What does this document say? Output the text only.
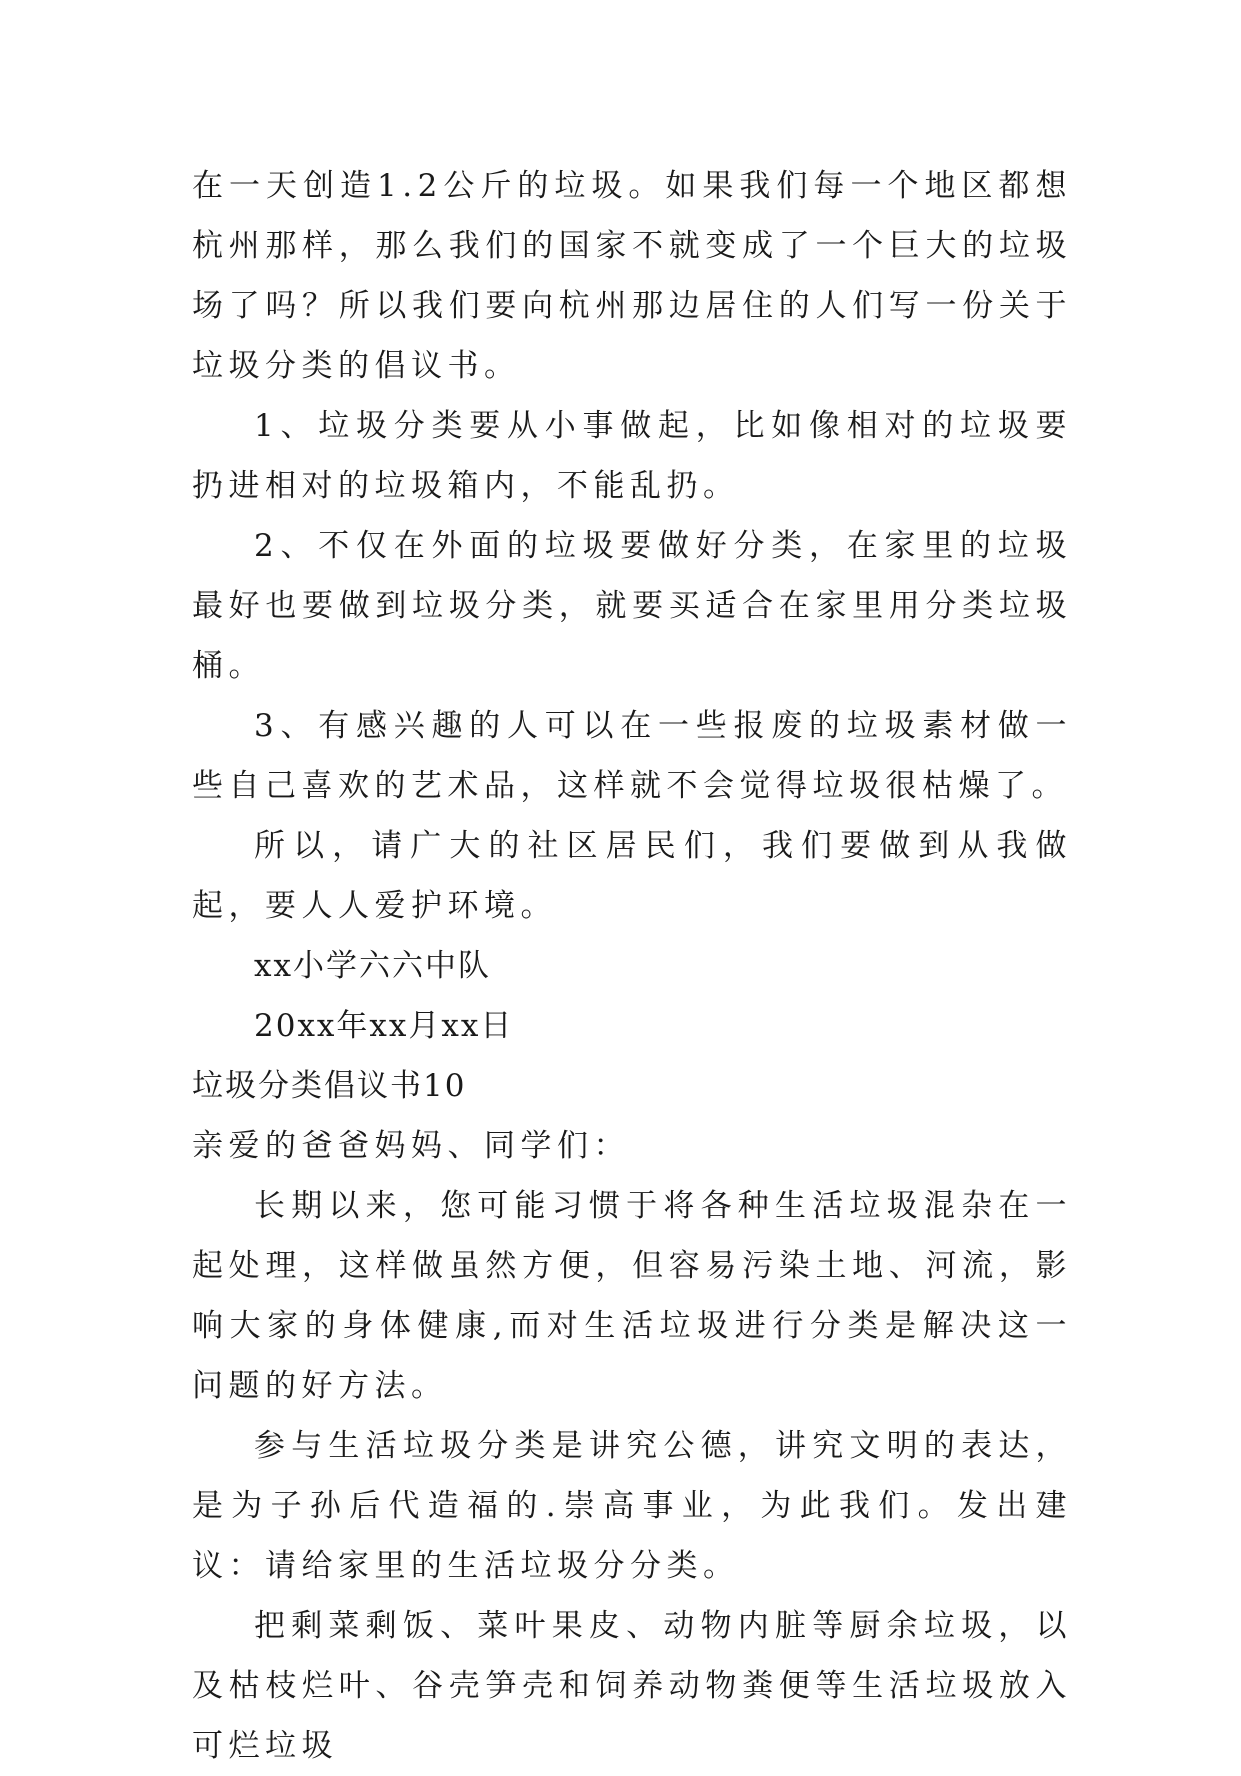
在一天创造1.2公斤的垃圾。如果我们每一个地区都想杭州那样，那么我们的国家不就变成了一个巨大的垃圾场了吗？所以我们要向杭州那边居住的人们写一份关于垃圾分类的倡议书。

1、垃圾分类要从小事做起，比如像相对的垃圾要扔进相对的垃圾箱内，不能乱扔。

2、不仅在外面的垃圾要做好分类，在家里的垃圾最好也要做到垃圾分类，就要买适合在家里用分类垃圾桶。

3、有感兴趣的人可以在一些报废的垃圾素材做一些自己喜欢的艺术品，这样就不会觉得垃圾很枯燥了。

所以，请广大的社区居民们，我们要做到从我做起，要人人爱护环境。

xx小学六六中队

20xx年xx月xx日

垃圾分类倡议书10

亲爱的爸爸妈妈、同学们：

长期以来，您可能习惯于将各种生活垃圾混杂在一起处理，这样做虽然方便，但容易污染土地、河流，影响大家的身体健康,而对生活垃圾进行分类是解决这一问题的好方法。

参与生活垃圾分类是讲究公德，讲究文明的表达，是为子孙后代造福的.崇高事业，为此我们。发出建议：请给家里的生活垃圾分分类。

把剩菜剩饭、菜叶果皮、动物内脏等厨余垃圾，以及枯枝烂叶、谷壳笋壳和饲养动物粪便等生活垃圾放入可烂垃圾
